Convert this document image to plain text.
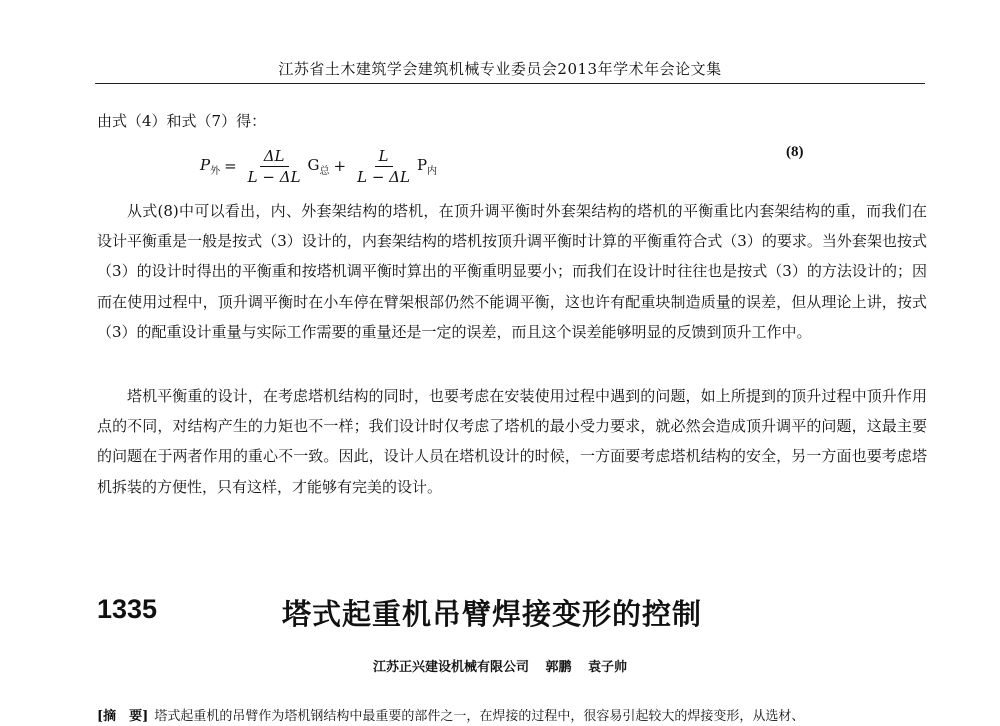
江苏省土木建筑学会建筑机械专业委员会2013年学术年会论文集
由式（4）和式（7）得：
$P_外 = \frac{\Delta L}{L - \Delta L} G_总 + \frac{L}{L - \Delta L} P_内$
(8)

从式(8)中可以看出，内、外套架结构的塔机，在顶升调平衡时外套架结构的塔机的平衡重比内套架结构的重，而我们在设计平衡重是一般是按式（3）设计的，内套架结构的塔机按顶升调平衡时计算的平衡重符合式（3）的要求。当外套架也按式（3）的设计时得出的平衡重和按塔机调平衡时算出的平衡重明显要小；而我们在设计时往往也是按式（3）的方法设计的；因而在使用过程中，顶升调平衡时在小车停在臂架根部仍然不能调平衡，这也许有配重块制造质量的误差，但从理论上讲，按式（3）的配重设计重量与实际工作需要的重量还是一定的误差，而且这个误差能够明显的反馈到顶升工作中。

塔机平衡重的设计，在考虑塔机结构的同时，也要考虑在安装使用过程中遇到的问题，如上所提到的顶升过程中顶升作用点的不同，对结构产生的力矩也不一样；我们设计时仅考虑了塔机的最小受力要求，就必然会造成顶升调平的问题，这最主要的问题在于两者作用的重心不一致。因此，设计人员在塔机设计的时候，一方面要考虑塔机结构的安全，另一方面也要考虑塔机拆装的方便性，只有这样，才能够有完美的设计。

1335	塔式起重机吊臂焊接变形的控制
江苏正兴建设机械有限公司 郭鹏 袁子帅
[摘　要] 塔式起重机的吊臂作为塔机钢结构中最重要的部件之一，在焊接的过程中，很容易引起较大的焊接变形，从选材、
